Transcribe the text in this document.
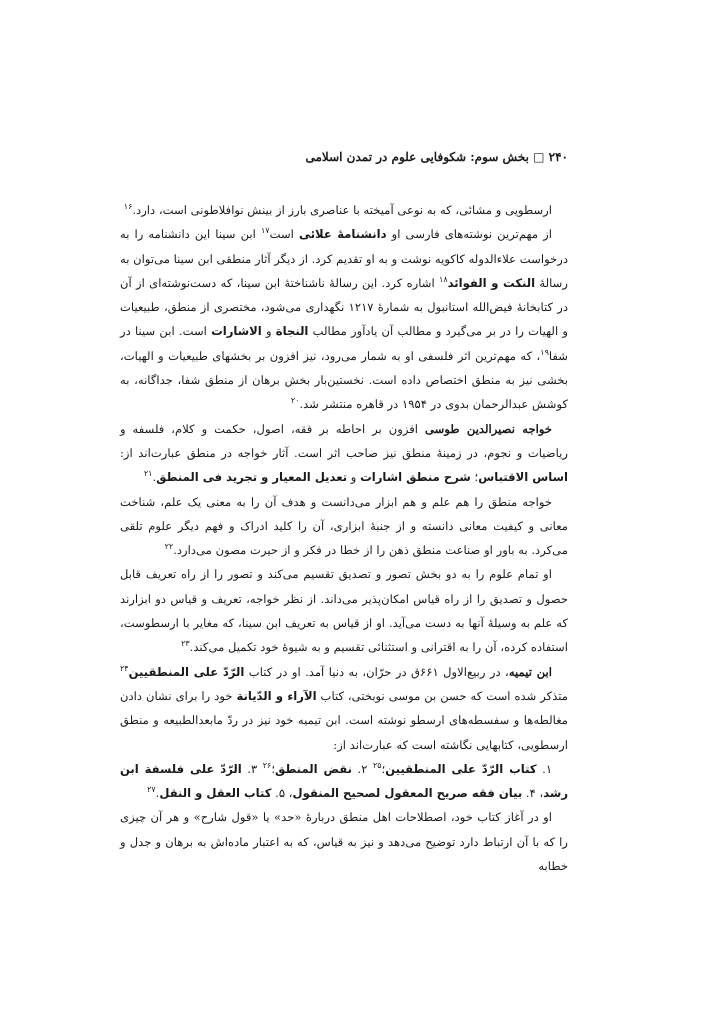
۲۴۰ □ بخش سوم: شکوفایی علوم در تمدن اسلامی

ارسطویی و مشائی، که به نوعی آمیخته با عناصری بارز از بینش نوافلاطونی است، دارد.$^{۱۶}$

از مهم‌ترین نوشته‌های فارسی او دانشنامهٔ علائی است$^{۱۷}$ ابن سینا این دانشنامه را به درخواست علاءالدوله کاکویه نوشت و به او تقدیم کرد. از دیگر آثار منطقی ابن سینا می‌توان به رسالهٔ النکت و الفوائد$^{۱۸}$ اشاره کرد. این رسالهٔ ناشناختهٔ ابن سینا، که دست‌نوشته‌ای از آن در کتابخانهٔ فیض‌الله استانبول به شمارهٔ ۱۲۱۷ نگهداری می‌شود، مختصری از منطق، طبیعیات و الهیات را در بر می‌گیرد و مطالب آن یادآور مطالب النجاة و الاشارات است. ابن سینا در شفا$^{۱۹}$، که مهم‌ترین اثر فلسفی او به شمار می‌رود، نیز افزون بر بخشهای طبیعیات و الهیات، بخشی نیز به منطق اختصاص داده است. نخستین‌بار بخش برهان از منطق شفا، جداگانه، به کوشش عبدالرحمان بدوی در ۱۹۵۴ در قاهره منتشر شد.$^{۲۰}$

خواجه نصیرالدین طوسی افزون بر احاطه بر فقه، اصول، حکمت و کلام، فلسفه و ریاضیات و نجوم، در زمینهٔ منطق نیز صاحب اثر است. آثار خواجه در منطق عبارت‌اند از: اساس الاقتباس؛ شرح منطق اشارات و تعدیل المعیار و تجرید فی المنطق.$^{۲۱}$

خواجه منطق را هم علم و هم ابزار می‌دانست و هدف آن را به معنی یک علم، شناخت معانی و کیفیت معانی دانسته و از جنبهٔ ابزاری، آن را کلید ادراک و فهم دیگر علوم تلقی می‌کرد. به باور او صناعت منطق ذهن را از خطا در فکر و از حیرت مصون می‌دارد.$^{۲۲}$

او تمام علوم را به دو بخش تصور و تصدیق تقسیم می‌کند و تصور را از راه تعریف قابل حصول و تصدیق را از راه قیاس امکان‌پذیر می‌داند. از نظر خواجه، تعریف و قیاس دو ابزارند که علم به وسیلهٔ آنها به دست می‌آید. او از قیاس به تعریف ابن سینا، که مغایر با ارسطوست، استفاده کرده، آن را به اقترانی و استثنائی تقسیم و به شیوهٔ خود تکمیل می‌کند.$^{۲۳}$

ابن تیمیه، در ربیع‌الاول ۶۶۱ق در حرّان، به دنیا آمد. او در کتاب الرّدّ علی المنطقیین$^{۲۴}$ متذکر شده است که حسن بن موسی نوبختی، کتاب الآراء و الدّیانة خود را برای نشان دادن مغالطه‌ها و سفسطه‌های ارسطو نوشته است. ابن تیمیه خود نیز در ردّ مابعدالطبیعه و منطق ارسطویی، کتابهایی نگاشته است که عبارت‌اند از:

۱. کتاب الرّدّ علی المنطقیین؛$^{۲۵}$ ۲. نقض المنطق؛$^{۲۶}$ ۳. الرّدّ علی فلسفة ابن رشد، ۴. بیان فقه صریح المعقول لصحیح المنقول، ۵. کتاب العقل و النقل.$^{۲۷}$

او در آغاز کتاب خود، اصطلاحات اهل منطق دربارهٔ «حد» یا «قول شارح» و هر آن چیزی را که با آن ارتباط دارد توضیح می‌دهد و نیز به قیاس، که به اعتبار ماده‌اش به برهان و جدل و خطابه
